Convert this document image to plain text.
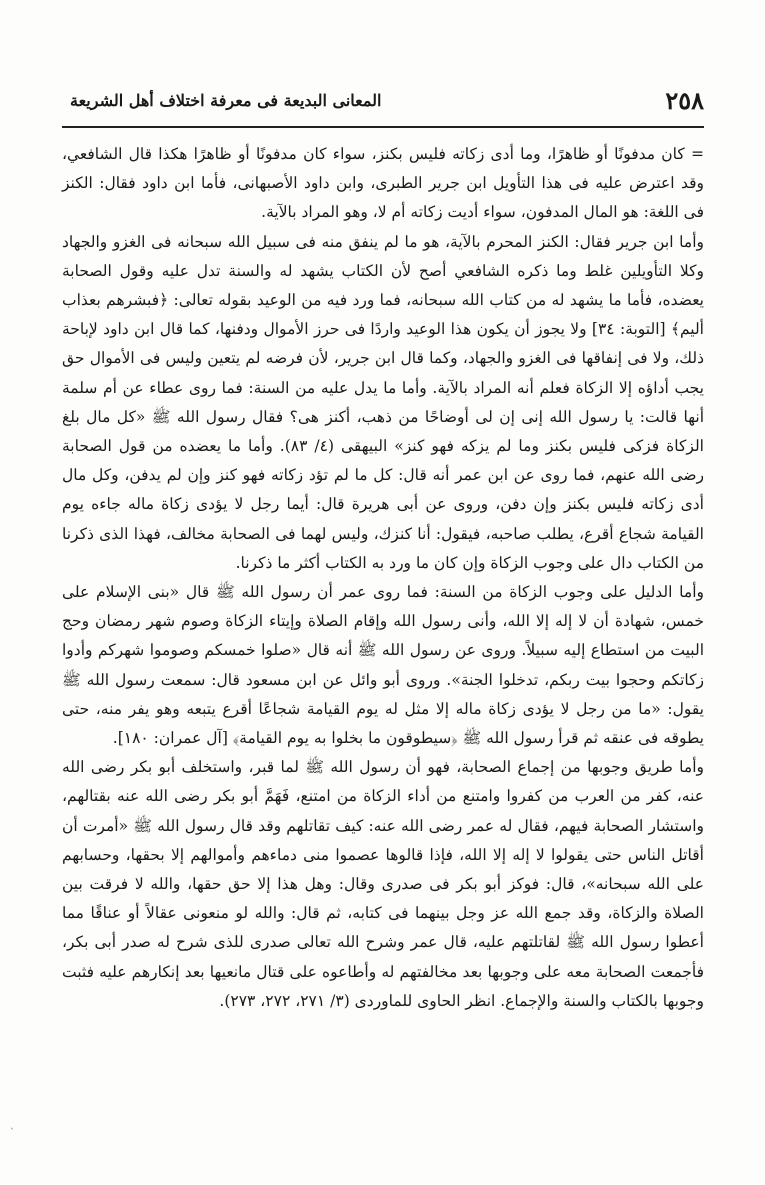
٢٥٨
المعانى البديعة فى معرفة اختلاف أهل الشريعة

= كان مدفونًا أو ظاهرًا، وما أدى زكاته فليس بكنز، سواء كان مدفونًا أو ظاهرًا هكذا قال الشافعي، وقد اعترض عليه فى هذا التأويل ابن جرير الطبرى، وابن داود الأصبهانى، فأما ابن داود فقال: الكنز فى اللغة: هو المال المدفون، سواء أديت زكاته أم لا، وهو المراد بالآية.

وأما ابن جرير فقال: الكنز المحرم بالآية، هو ما لم ينفق منه فى سبيل الله سبحانه فى الغزو والجهاد وكلا التأويلين غلط وما ذكره الشافعي أصح لأن الكتاب يشهد له والسنة تدل عليه وقول الصحابة يعضده، فأما ما يشهد له من كتاب الله سبحانه، فما ورد فيه من الوعيد بقوله تعالى: ﴿فبشرهم بعذاب أليم﴾ [التوبة: ٣٤] ولا يجوز أن يكون هذا الوعيد واردًا فى حرز الأموال ودفنها، كما قال ابن داود لإباحة ذلك، ولا فى إنفاقها فى الغزو والجهاد، وكما قال ابن جرير، لأن فرضه لم يتعين وليس فى الأموال حق يجب أداؤه إلا الزكاة فعلم أنه المراد بالآية. وأما ما يدل عليه من السنة: فما روى عطاء عن أم سلمة أنها قالت: يا رسول الله إنى إن لى أوضاحًا من ذهب، أكنز هى؟ فقال رسول الله ﷺ «كل مال بلغ الزكاة فزكى فليس بكنز وما لم يزكه فهو كنز» البيهقى (٤/ ٨٣). وأما ما يعضده من قول الصحابة رضى الله عنهم، فما روى عن ابن عمر أنه قال: كل ما لم تؤد زكاته فهو كنز وإن لم يدفن، وكل مال أدى زكاته فليس بكنز وإن دفن، وروى عن أبى هريرة قال: أيما رجل لا يؤدى زكاة ماله جاءه يوم القيامة شجاع أقرع، يطلب صاحبه، فيقول: أنا كنزك، وليس لهما فى الصحابة مخالف، فهذا الذى ذكرنا من الكتاب دال على وجوب الزكاة وإن كان ما ورد به الكتاب أكثر ما ذكرنا.

وأما الدليل على وجوب الزكاة من السنة: فما روى عمر أن رسول الله ﷺ قال «بنى الإسلام على خمس، شهادة أن لا إله إلا الله، وأنى رسول الله وإقام الصلاة وإيتاء الزكاة وصوم شهر رمضان وحج البيت من استطاع إليه سبيلاً. وروى عن رسول الله ﷺ أنه قال «صلوا خمسكم وصوموا شهركم وأدوا زكاتكم وحجوا بيت ربكم، تدخلوا الجنة». وروى أبو وائل عن ابن مسعود قال: سمعت رسول الله ﷺ يقول: «ما من رجل لا يؤدى زكاة ماله إلا مثل له يوم القيامة شجاعًا أقرع يتبعه وهو يفر منه، حتى يطوقه فى عنقه ثم قرأ رسول الله ﷺ ﴿سيطوقون ما بخلوا به يوم القيامة﴾ [آل عمران: ١٨٠].

وأما طريق وجوبها من إجماع الصحابة، فهو أن رسول الله ﷺ لما قبر، واستخلف أبو بكر رضى الله عنه، كفر من العرب من كفروا وامتنع من أداء الزكاة من امتنع، فَهَمَّ أبو بكر رضى الله عنه بقتالهم، واستشار الصحابة فيهم، فقال له عمر رضى الله عنه: كيف تقاتلهم وقد قال رسول الله ﷺ «أمرت أن أقاتل الناس حتى يقولوا لا إله إلا الله، فإذا قالوها عصموا منى دماءهم وأموالهم إلا بحقها، وحسابهم على الله سبحانه»، قال: فوكز أبو بكر فى صدرى وقال: وهل هذا إلا حق حقها، والله لا فرقت بين الصلاة والزكاة، وقد جمع الله عز وجل بينهما فى كتابه، ثم قال: والله لو منعونى عقالاً أو عناقًا مما أعطوا رسول الله ﷺ لقاتلتهم عليه، قال عمر وشرح الله تعالى صدرى للذى شرح له صدر أبى بكر، فأجمعت الصحابة معه على وجوبها بعد مخالفتهم له وأطاعوه على قتال مانعيها بعد إنكارهم عليه فثبت وجوبها بالكتاب والسنة والإجماع. انظر الحاوى للماوردى (٣/ ٢٧١، ٢٧٢، ٢٧٣).

`
